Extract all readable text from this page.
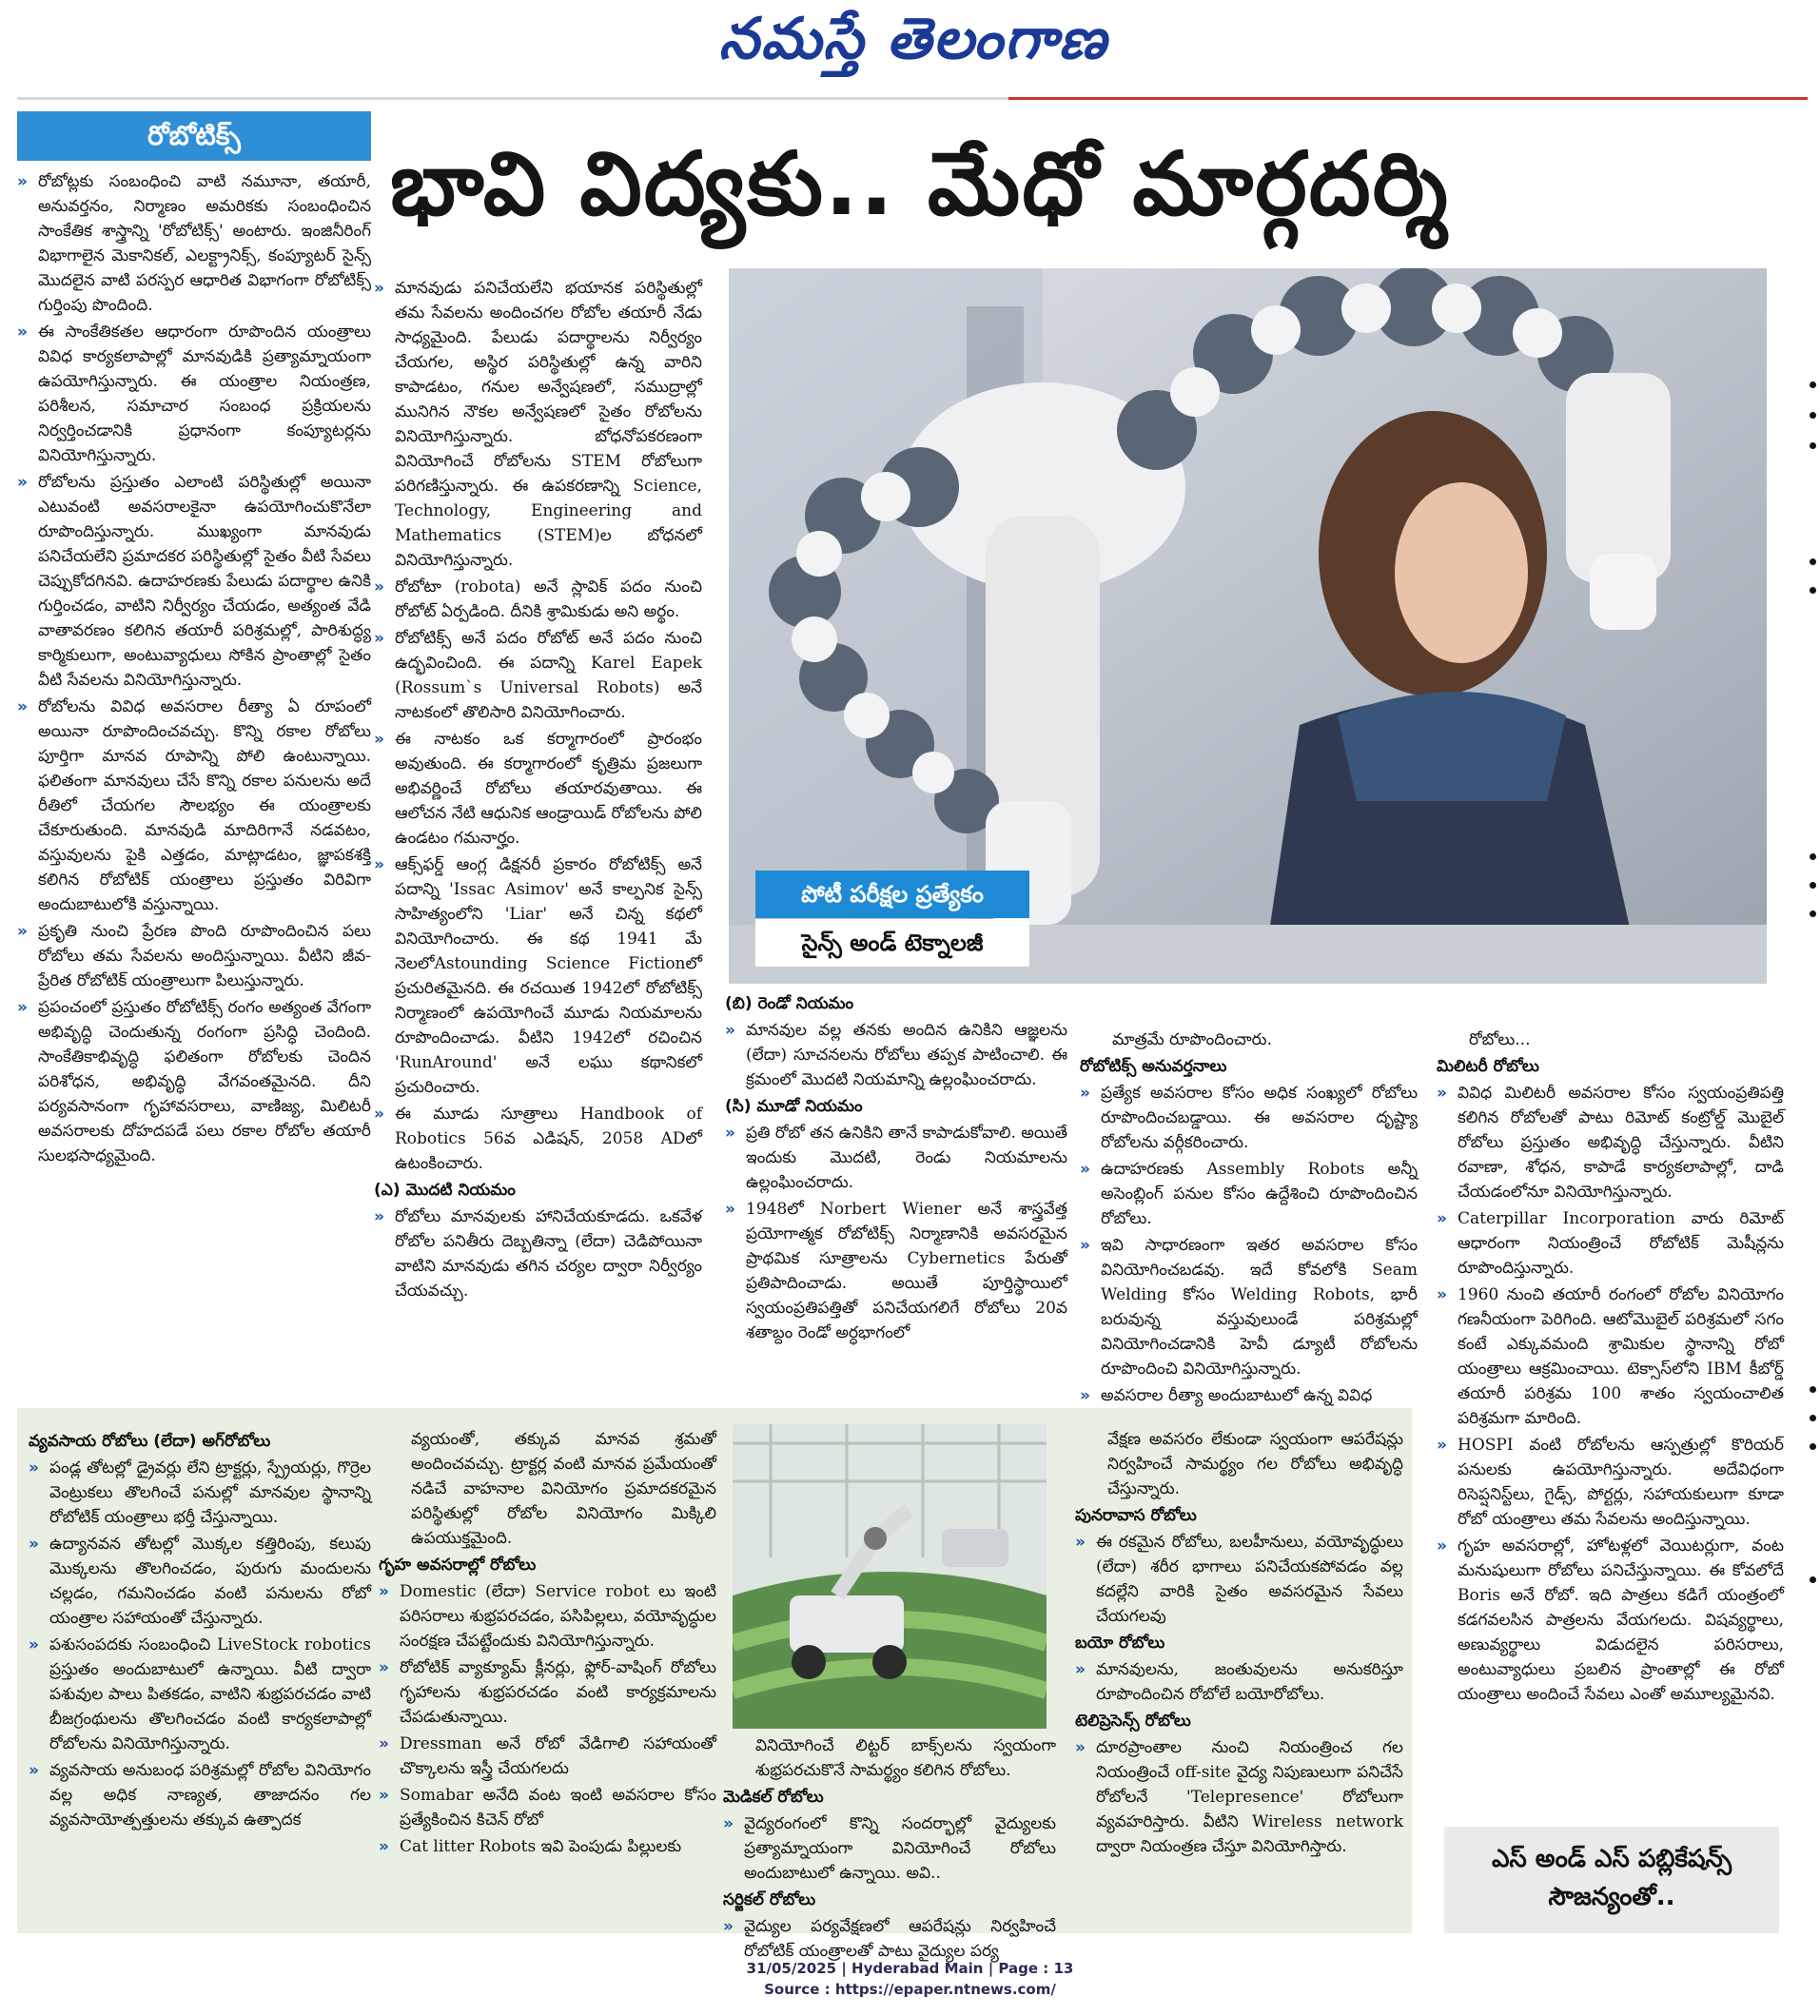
నమస్తే తెలంగాణ
రోబోటిక్స్	భావి విద్యకు.. మేధో మార్గదర్శి

» రోబోట్లకు సంబంధించి వాటి నమూనా, తయారీ, అనువర్తనం, నిర్మాణం అమరికకు సంబంధించిన సాంకేతిక శాస్త్రాన్ని 'రోబోటిక్స్' అంటారు. ఇంజినీరింగ్ విభాగాలైన మెకానికల్, ఎలక్ట్రానిక్స్, కంప్యూటర్ సైన్స్ మొదలైన వాటి పరస్పర ఆధారిత విభాగంగా రోబోటిక్స్ గుర్తింపు పొందింది.

» ఈ సాంకేతికతల ఆధారంగా రూపొందిన యంత్రాలు వివిధ కార్యకలాపాల్లో మానవుడికి ప్రత్యామ్నాయంగా ఉపయోగిస్తున్నారు. ఈ యంత్రాల నియంత్రణ, పరిశీలన, సమాచార సంబంధ ప్రక్రియలను నిర్వర్తించడానికి ప్రధానంగా కంప్యూటర్లను వినియోగిస్తున్నారు.

» రోబోలను ప్రస్తుతం ఎలాంటి పరిస్థితుల్లో అయినా ఎటువంటి అవసరాలకైనా ఉపయోగించుకొనేలా రూపొందిస్తున్నారు. ముఖ్యంగా మానవుడు పనిచేయలేని ప్రమాదకర పరిస్థితుల్లో సైతం వీటి సేవలు చెప్పుకోదగినవి. ఉదాహరణకు పేలుడు పదార్థాల ఉనికి గుర్తించడం, వాటిని నిర్వీర్యం చేయడం, అత్యంత వేడి వాతావరణం కలిగిన తయారీ పరిశ్రమల్లో, పారిశుద్ధ్య కార్మికులుగా, అంటువ్యాధులు సోకిన ప్రాంతాల్లో సైతం వీటి సేవలను వినియోగిస్తున్నారు.

» రోబోలను వివిధ అవసరాల రీత్యా ఏ రూపంలో అయినా రూపొందించవచ్చు. కొన్ని రకాల రోబోలు పూర్తిగా మానవ రూపాన్ని పోలి ఉంటున్నాయి. ఫలితంగా మానవులు చేసే కొన్ని రకాల పనులను అదే రీతిలో చేయగల సౌలభ్యం ఈ యంత్రాలకు చేకూరుతుంది. మానవుడి మాదిరిగానే నడవటం, వస్తువులను పైకి ఎత్తడం, మాట్లాడటం, జ్ఞాపకశక్తి కలిగిన రోబోటిక్ యంత్రాలు ప్రస్తుతం విరివిగా అందుబాటులోకి వస్తున్నాయి.

» ప్రకృతి నుంచి ప్రేరణ పొంది రూపొందించిన పలు రోబోలు తమ సేవలను అందిస్తున్నాయి. వీటిని జీవ-ప్రేరిత రోబోటిక్ యంత్రాలుగా పిలుస్తున్నారు.

» ప్రపంచంలో ప్రస్తుతం రోబోటిక్స్ రంగం అత్యంత వేగంగా అభివృద్ధి చెందుతున్న రంగంగా ప్రసిద్ధి చెందింది. సాంకేతికాభివృద్ధి ఫలితంగా రోబోలకు చెందిన పరిశోధన, అభివృద్ధి వేగవంతమైనది. దీని పర్యవసానంగా గృహావసరాలు, వాణిజ్య, మిలిటరీ అవసరాలకు దోహదపడే పలు రకాల రోబోల తయారీ సులభసాధ్యమైంది.

» మానవుడు పనిచేయలేని భయానక పరిస్థితుల్లో తమ సేవలను అందించగల రోబోల తయారీ నేడు సాధ్యమైంది. పేలుడు పదార్థాలను నిర్వీర్యం చేయగల, అస్థిర పరిస్థితుల్లో ఉన్న వారిని కాపాడటం, గనుల అన్వేషణలో, సముద్రాల్లో మునిగిన నౌకల అన్వేషణలో సైతం రోబోలను వినియోగిస్తున్నారు. బోధనోపకరణంగా వినియోగించే రోబోలను STEM రోబోలుగా పరిగణిస్తున్నారు. ఈ ఉపకరణాన్ని Science, Technology, Engineering and Mathematics (STEM)ల బోధనలో వినియోగిస్తున్నారు.

» రోబోటా (robota) అనే స్లావిక్ పదం నుంచి రోబోట్ ఏర్పడింది. దీనికి శ్రామికుడు అని అర్థం.

» రోబోటిక్స్ అనే పదం రోబోట్ అనే పదం నుంచి ఉద్భవించింది. ఈ పదాన్ని Karel Eapek (Rossum`s Universal Robots) అనే నాటకంలో తొలిసారి వినియోగించారు.

» ఈ నాటకం ఒక కర్మాగారంలో ప్రారంభం అవుతుంది. ఈ కర్మాగారంలో కృత్రిమ ప్రజలుగా అభివర్ణించే రోబోలు తయారవుతాయి. ఈ ఆలోచన నేటి ఆధునిక ఆండ్రాయిడ్ రోబోలను పోలి ఉండటం గమనార్హం.

» ఆక్స్‌ఫర్డ్ ఆంగ్ల డిక్షనరీ ప్రకారం రోబోటిక్స్ అనే పదాన్ని 'Issac Asimov' అనే కాల్పనిక సైన్స్ సాహిత్యంలోని 'Liar' అనే చిన్న కథలో వినియోగించారు. ఈ కథ 1941 మే నెలలోAstounding Science Fictionలో ప్రచురితమైనది. ఈ రచయిత 1942లో రోబోటిక్స్ నిర్మాణంలో ఉపయోగించే మూడు నియమాలను రూపొందించాడు. వీటిని 1942లో రచించిన 'RunAround' అనే లఘు కథానికలో ప్రచురించారు.

» ఈ మూడు సూత్రాలు Handbook of Robotics 56వ ఎడిషన్, 2058 ADలో ఉటంకించారు.

(ఎ) మొదటి నియమం

» రోబోలు మానవులకు హానిచేయకూడదు. ఒకవేళ రోబోల పనితీరు దెబ్బతిన్నా (లేదా) చెడిపోయినా వాటిని మానవుడు తగిన చర్యల ద్వారా నిర్వీర్యం చేయవచ్చు.

పోటీ పరీక్షల ప్రత్యేకం
సైన్స్ అండ్ టెక్నాలజీ
(బి) రెండో నియమం

» మానవుల వల్ల తనకు అందిన ఉనికిని ఆజ్ఞలను (లేదా) సూచనలను రోబోలు తప్పక పాటించాలి. ఈ క్రమంలో మొదటి నియమాన్ని ఉల్లంఘించరాదు.

(సి) మూడో నియమం

» ప్రతి రోబో తన ఉనికిని తానే కాపాడుకోవాలి. అయితే ఇందుకు మొదటి, రెండు నియమాలను ఉల్లంఘించరాదు.

» 1948లో Norbert Wiener అనే శాస్త్రవేత్త ప్రయోగాత్మక రోబోటిక్స్ నిర్మాణానికి అవసరమైన ప్రాథమిక సూత్రాలను Cybernetics పేరుతో ప్రతిపాదించాడు. అయితే పూర్తిస్థాయిలో స్వయంప్రతిపత్తితో పనిచేయగలిగే రోబోలు 20వ శతాబ్దం రెండో అర్ధభాగంలో

మాత్రమే రూపొందించారు.
రోబోటిక్స్ అనువర్తనాలు

» ప్రత్యేక అవసరాల కోసం అధిక సంఖ్యలో రోబోలు రూపొందించబడ్డాయి. ఈ అవసరాల దృష్ట్యా రోబోలను వర్గీకరించారు.

» ఉదాహరణకు Assembly Robots అన్నీ అసెంబ్లింగ్ పనుల కోసం ఉద్దేశించి రూపొందించిన రోబోలు.

» ఇవి సాధారణంగా ఇతర అవసరాల కోసం వినియోగించబడవు. ఇదే కోవలోకి Seam Welding కోసం Welding Robots, భారీ బరువున్న వస్తువులుండే పరిశ్రమల్లో వినియోగించడానికి హెవీ డ్యూటీ రోబోలను రూపొందించి వినియోగిస్తున్నారు.

» అవసరాల రీత్యా అందుబాటులో ఉన్న వివిధ

రోబోలు...
మిలిటరీ రోబోలు

» వివిధ మిలిటరీ అవసరాల కోసం స్వయంప్రతిపత్తి కలిగిన రోబోలతో పాటు రిమోట్ కంట్రోల్డ్ మొబైల్ రోబోలు ప్రస్తుతం అభివృద్ధి చేస్తున్నారు. వీటిని రవాణా, శోధన, కాపాడే కార్యకలాపాల్లో, దాడి చేయడంలోనూ వినియోగిస్తున్నారు.

» Caterpillar Incorporation వారు రిమోట్ ఆధారంగా నియంత్రించే రోబోటిక్ మెషీన్లను రూపొందిస్తున్నారు.

» 1960 నుంచి తయారీ రంగంలో రోబోల వినియోగం గణనీయంగా పెరిగింది. ఆటోమొబైల్ పరిశ్రమలో సగం కంటే ఎక్కువమంది శ్రామికుల స్థానాన్ని రోబో యంత్రాలు ఆక్రమించాయి. టెక్సాస్‌లోని IBM కీబోర్డ్ తయారీ పరిశ్రమ 100 శాతం స్వయంచాలిత పరిశ్రమగా మారింది.

» HOSPI వంటి రోబోలను ఆస్పత్రుల్లో కొరియర్ పనులకు ఉపయోగిస్తున్నారు. అదేవిధంగా రిసెప్షనిస్ట్‌లు, గైడ్స్, పోర్టర్లు, సహాయకులుగా కూడా రోబో యంత్రాలు తమ సేవలను అందిస్తున్నాయి.

» గృహ అవసరాల్లో, హోటళ్లలో వెయిటర్లుగా, వంట మనుషులుగా రోబోలు పనిచేస్తున్నాయి. ఈ కోవలోదే Boris అనే రోబో. ఇది పాత్రలు కడిగే యంత్రంలో కడగవలసిన పాత్రలను వేయగలదు. విషవ్యర్థాలు, అణువ్యర్థాలు విడుదలైన పరిసరాలు, అంటువ్యాధులు ప్రబలిన ప్రాంతాల్లో ఈ రోబో యంత్రాలు అందించే సేవలు ఎంతో అమూల్యమైనవి.

వ్యవసాయ రోబోలు (లేదా) అగ్‌రోబోలు

» పండ్ల తోటల్లో డ్రైవర్లు లేని ట్రాక్టర్లు, స్ప్రేయర్లు, గొర్రెల వెంట్రుకలు తొలగించే పనుల్లో మానవుల స్థానాన్ని రోబోటిక్ యంత్రాలు భర్తీ చేస్తున్నాయి.

» ఉద్యానవన తోటల్లో మొక్కల కత్తిరింపు, కలుపు మొక్కలను తొలగించడం, పురుగు మందులను చల్లడం, గమనించడం వంటి పనులను రోబో యంత్రాల సహాయంతో చేస్తున్నారు.

» పశుసంపదకు సంబంధించి LiveStock robotics ప్రస్తుతం అందుబాటులో ఉన్నాయి. వీటి ద్వారా పశువుల పాలు పితకడం, వాటిని శుభ్రపరచడం వాటి బీజగ్రంథులను తొలగించడం వంటి కార్యకలాపాల్లో రోబోలను వినియోగిస్తున్నారు.

» వ్యవసాయ అనుబంధ పరిశ్రమల్లో రోబోల వినియోగం వల్ల అధిక నాణ్యత, తాజాదనం గల వ్యవసాయోత్పత్తులను తక్కువ ఉత్పాదక

వ్యయంతో, తక్కువ మానవ శ్రమతో అందించవచ్చు. ట్రాక్టర్ల వంటి మానవ ప్రమేయంతో నడిచే వాహనాల వినియోగం ప్రమాదకరమైన పరిస్థితుల్లో రోబోల వినియోగం మిక్కిలి ఉపయుక్తమైంది.
గృహ అవసరాల్లో రోబోలు

» Domestic (లేదా) Service robot లు ఇంటి పరిసరాలు శుభ్రపరచడం, పసిపిల్లలు, వయోవృద్ధుల సంరక్షణ చేపట్టేందుకు వినియోగిస్తున్నారు.

» రోబోటిక్ వ్యాక్యూమ్ క్లీనర్లు, ఫ్లోర్-వాషింగ్ రోబోలు గృహాలను శుభ్రపరచడం వంటి కార్యక్రమాలను చేపడుతున్నాయి.

» Dressman అనే రోబో వేడిగాలి సహాయంతో చొక్కాలను ఇస్త్రీ చేయగలదు

» Somabar అనేది వంట ఇంటి అవసరాల కోసం ప్రత్యేకించిన కిచెన్ రోబో

» Cat litter Robots ఇవి పెంపుడు పిల్లులకు

వినియోగించే లిట్టర్ బాక్స్‌లను స్వయంగా శుభ్రపరచుకొనే సామర్థ్యం కలిగిన రోబోలు.
మెడికల్ రోబోలు

» వైద్యరంగంలో కొన్ని సందర్భాల్లో వైద్యులకు ప్రత్యామ్నాయంగా వినియోగించే రోబోలు అందుబాటులో ఉన్నాయి. అవి..

సర్జికల్ రోబోలు

» వైద్యుల పర్యవేక్షణలో ఆపరేషన్లు నిర్వహించే రోబోటిక్ యంత్రాలతో పాటు వైద్యుల పర్య

వేక్షణ అవసరం లేకుండా స్వయంగా ఆపరేషన్లు నిర్వహించే సామర్థ్యం గల రోబోలు అభివృద్ధి చేస్తున్నారు.
పునరావాస రోబోలు

» ఈ రకమైన రోబోలు, బలహీనులు, వయోవృద్ధులు (లేదా) శరీర భాగాలు పనిచేయకపోవడం వల్ల కదల్లేని వారికి సైతం అవసరమైన సేవలు చేయగలవు

బయో రోబోలు

» మానవులను, జంతువులను అనుకరిస్తూ రూపొందించిన రోబోలే బయోరోబోలు.

టెలిప్రెసెన్స్ రోబోలు

» దూరప్రాంతాల నుంచి నియంత్రించ గల నియంత్రించే off-site వైద్య నిపుణులుగా పనిచేసే రోబోలనే 'Telepresence' రోబోలుగా వ్యవహరిస్తారు. వీటిని Wireless network ద్వారా నియంత్రణ చేస్తూ వినియోగిస్తారు.	ఎస్ అండ్ ఎస్ పబ్లికేషన్స్
సౌజన్యంతో..
31/05/2025 | Hyderabad Main | Page : 13
Source : https://epaper.ntnews.com/
